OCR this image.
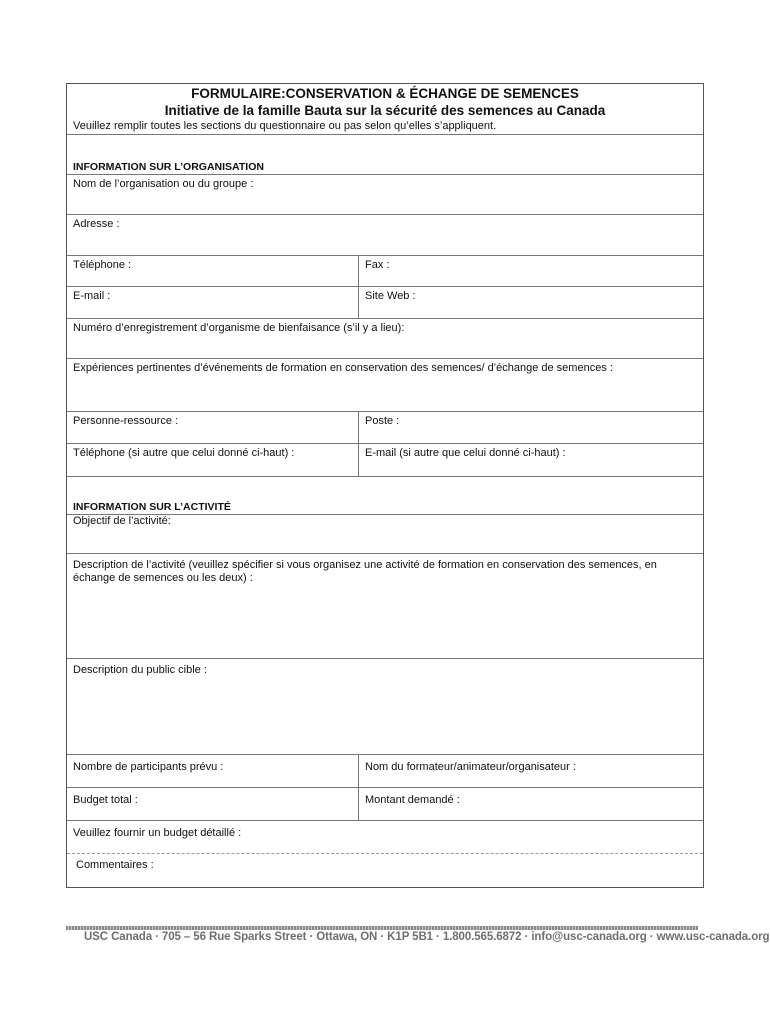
FORMULAIRE:CONSERVATION & ÉCHANGE DE SEMENCES
Initiative de la famille Bauta sur la sécurité des semences au Canada
Veuillez remplir toutes les sections du questionnaire ou pas selon qu’elles s’appliquent.
INFORMATION SUR L’ORGANISATION
Nom de l’organisation ou du groupe :
Adresse :
Téléphone :	Fax :
E-mail :	Site Web :
Numéro d’enregistrement d’organisme de bienfaisance (s’il y a lieu):
Expériences pertinentes d’événements de formation en conservation des semences/ d’échange de semences :
Personne-ressource :	Poste :
Téléphone (si autre que celui donné ci-haut) :	E-mail (si autre que celui donné ci-haut) :
INFORMATION SUR L’ACTIVITÉ
Objectif de l’activité:
Description de l’activité (veuillez spécifier si vous organisez une activité de formation en conservation des semences, en
échange de semences ou les deux) :
Description du public cible :
Nombre de participants prévu :	Nom du formateur/animateur/organisateur :
Budget total :	Montant demandé :
Veuillez fournir un budget détaillé :
Commentaires :
USC Canada · 705 – 56 Rue Sparks Street · Ottawa, ON · K1P 5B1 · 1.800.565.6872 · info@usc-canada.org · www.usc-canada.org
